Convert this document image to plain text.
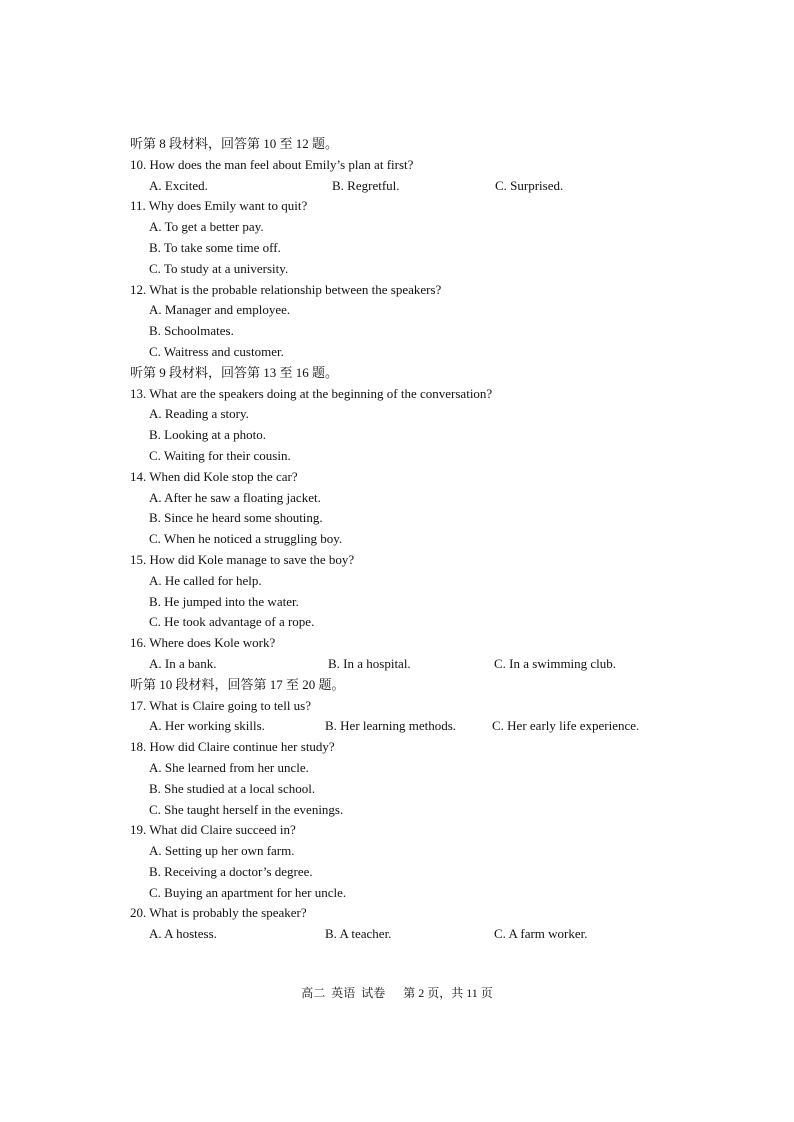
听第 8 段材料，回答第 10 至 12 题。
10. How does the man feel about Emily’s plan at first?
A. Excited.	B. Regretful.	C. Surprised.
11. Why does Emily want to quit?
A. To get a better pay.
B. To take some time off.
C. To study at a university.
12. What is the probable relationship between the speakers?
A. Manager and employee.
B. Schoolmates.
C. Waitress and customer.
听第 9 段材料，回答第 13 至 16 题。
13. What are the speakers doing at the beginning of the conversation?
A. Reading a story.
B. Looking at a photo.
C. Waiting for their cousin.
14. When did Kole stop the car?
A. After he saw a floating jacket.
B. Since he heard some shouting.
C. When he noticed a struggling boy.
15. How did Kole manage to save the boy?
A. He called for help.
B. He jumped into the water.
C. He took advantage of a rope.
16. Where does Kole work?
A. In a bank.	B. In a hospital.	C. In a swimming club.
听第 10 段材料，回答第 17 至 20 题。
17. What is Claire going to tell us?
A. Her working skills.	B. Her learning methods.	C. Her early life experience.
18. How did Claire continue her study?
A. She learned from her uncle.
B. She studied at a local school.
C. She taught herself in the evenings.
19. What did Claire succeed in?
A. Setting up her own farm.
B. Receiving a doctor’s degree.
C. Buying an apartment for her uncle.
20. What is probably the speaker?
A. A hostess.	B. A teacher.	C. A farm worker.
高二  英语  试卷      第 2 页，共 11 页
